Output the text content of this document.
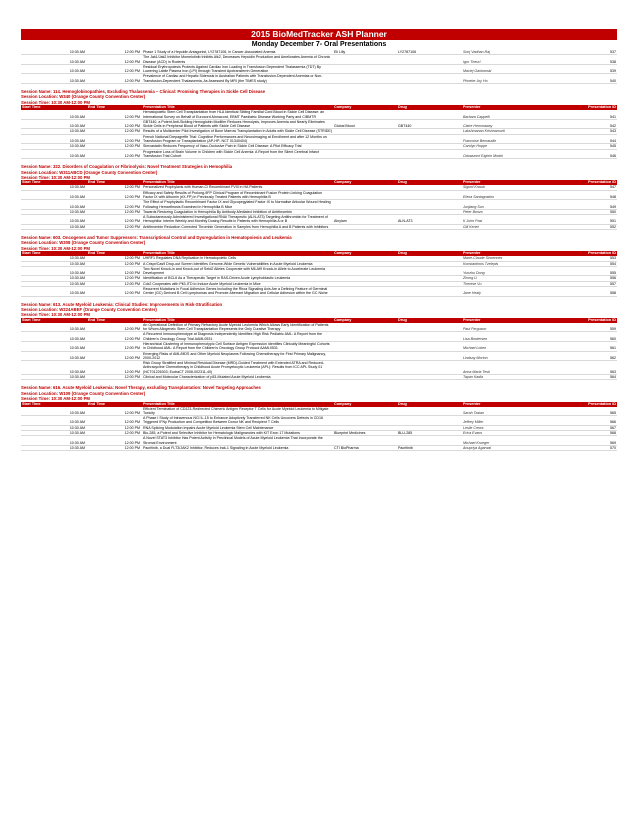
2015 BioMedTracker ASH Planner
Monday December 7- Oral Presentations
10:30 AM	12:00 PM	Phase 1 Study of a Hepcidin Antagonist, LY2787106, in Cancer-Associated Anemia	Eli Lilly	LY2787106	Sonj Vadhan-Raj	537
10:30 AM	12:00 PM	The Jak1/Jak2 Inhibitor Momelotinib Inhibits Alk2, Decreases Hepcidin Production and Ameliorates Anemia of Chronic Disease (ACD) in Rodents			Igor Theurl	538
10:30 AM	12:00 PM	Residual Erythropoiesis Protects Against Cardiac Iron Loading in Transfusion Dependent Thalassemia (TDT) By Lowering Labile Plasma Iron (LPI) through Transient Apotransferrin Generation			Maciej Garbowski	539
10:30 AM	12:00 PM	Prevalence of Cardiac and Hepatic Siderosis in Australian Patients with Transfusion-Dependent Anemias or Non-Transfusion-Dependent Thalassemia, As Assessed By MRI (the TIMES study)			Phoebe Joy Ho	540
Session Name: 114. Hemoglobinopathies, Excluding Thalassemia – Clinical: Promising Therapies in Sickle Cell Disease
Session Location: W340 (Orange County Convention Center)
Session Time: 10:30 AM-12:00 PM
Start Time	End Time	Presentation Title	Company	Drug	Presenter	Presentation ID
10:30 AM	12:00 PM	Hematopoietic Stem Cell Transplantation from HLA Identical Sibling Familial Cord Blood in Sickle Cell Disease: an International Survey on Behalf of Eurocord-Monacord, EBMT Paediatric Disease Working Party and CIBMTR			Barbara Cappelli	541
10:30 AM	12:00 PM	GBT440, a Potent Anti-Sickling Hemoglobin Modifier Reduces Hemolysis, Improves Anemia and Nearly Eliminates Sickle Cells in Peripheral Blood of Patients with Sickle Cell Disease	Global Blood	GBT440	Claire Hemmaway	542
10:30 AM	12:00 PM	Results of a Multicenter Pilot Investigation of Bone Marrow Transplantation in Adults with Sickle Cell Disease (STRIDE)			Lakshmanan Krishnamurti	543
10:30 AM	12:00 PM	French National Drepagreffe Trial: Cognitive Performances and Neuroimaging at Enrollment and after 12 Months on Transfusion Program or Transplantation (AP-HP- NCT 01340404)			Francoise Bernaudin	544
10:30 AM	12:00 PM	Simvastatin Reduces Frequency of Vaso-Occlusive Pain in Sickle Cell Disease: A Pilot Efficacy Trial			Carolyn Hoppe	545
10:30 AM	12:00 PM	Progressive Loss of Brain Volume in Children with Sickle Cell Anemia: A Report from the Silent Cerebral Infarct Transfusion Trial Cohort			Oduwunmi Eighim Modni	546
Session Name: 322. Disorders of Coagulation or Fibrinolysis: Novel Treatment Strategies in Hemophilia
Session Location: W311ABCD (Orange County Convention Center)
Session Time: 10:30 AM-12:00 PM
Start Time	End Time	Presentation Title	Company	Drug	Presenter	Presentation ID
10:30 AM	12:00 PM	Personalized Prophylaxis with Human-Cl Recombinant FVIII in HA Patients			Sigurd Knaub	547
10:30 AM	12:00 PM	Efficacy and Safety Results of Prolong-9FP Clinical Program of Recombinant Fusion Protein Linking Coagulation Factor IX with Albumin (rIX-FP) in Previously Treated Patients with Hemophilia B			Elena Santagostino	548
10:30 AM	12:00 PM	The Effect of Prophylactic Recombinant Factor IX and Glycopegylated Factor IX to Normalise Articular Wound Healing Following Hemarthrosis Examined in Hemophilia B Mice			Junjiang Sun	549
10:30 AM	12:00 PM	Towards Restoring Coagulation in Hemophilia By Antibody-Mediated Inhibition of Antithrombin			Peter Bonzo	550
10:30 AM	12:00 PM	A Subcutaneously Administered Investigational RNAi Therapeutic (ALN-AT3) Targeting Antithrombin for Treatment of Hemophilia: Interim Weekly and Monthly Dosing Results in Patients with Hemophilia A or B	Alnylam	ALN-AT3	K John Pasi	551
10:30 AM	12:00 PM	Antithrombin Reduction Corrected Thrombin Generation in Samples from Hemophilia A and B Patients with Inhibitors			Gili Kenet	552
Session Name: 603. Oncogenes and Tumor Suppressors: Transcriptional Control and Dysregulation in Hematopoiesis and Leukemia
Session Location: W308 (Orange County Convention Center)
Session Time: 10:30 AM-12:00 PM
Start Time	End Time	Presentation Title	Company	Drug	Presenter	Presentation ID
10:30 AM	12:00 PM	UHRF1 Regulates DNA Replication in Hematopoietic Cells			Marie-Claude Sincennes	553
10:30 AM	12:00 PM	A Crispr/Cas9 Drop-out Screen Identifies Genome-Wide Genetic Vulnerabilities in Acute Myeloid Leukemia			Konstantinos Tzelepis	554
10:30 AM	12:00 PM	Two Novel Knock-in and Knock-out of Setd2 Alleles Cooperate with Mll-Af9 Knock-in Allele to Accelerate Leukemia Development			Yunzhu Dong	555
10:30 AM	12:00 PM	Identification of BCL6 As a Therapeutic Target in RAS-Driven Acute Lymphoblastic Leukemia			Zhong Li	556
10:30 AM	12:00 PM	Cdx2 Cooperates with Pit3-ITD to Induce Acute Myeloid Leukemia in Mice			Therese Vu	557
10:30 AM	12:00 PM	Recurrent Mutations in Focal Adhesion Genes Including the Rhoa Signaling Axis Are a Defining Feature of Germinal Center (GC) Derived B Cell Lymphomas and Promote Aberrant Migration and Cellular Adhesion within the GC Niche			Jane Healy	558
Session Name: 613. Acute Myeloid Leukemia: Clinical Studies: Improvements in Risk-Stratification
Session Location: W224ABEF (Orange County Convention Center)
Session Time: 10:30 AM-12:00 PM
Start Time	End Time	Presentation Title	Company	Drug	Presenter	Presentation ID
10:30 AM	12:00 PM	An Operational Definition of Primary Refractory Acute Myeloid Leukemia Which Allows Early Identification of Patients for Whom Allogeneic Stem Cell Transplantation Represents the Only Curative Therapy			Paul Ferguson	559
10:30 AM	12:00 PM	A Recurrent Immunophenotype at Diagnosis Independently Identifies High Risk Pediatric AML: A Report from the Children's Oncology Group Trial AAML0531			Lisa Brodersen	560
10:30 AM	12:00 PM	Hierarchical Clustering of Immunophenotypic Cell Surface Antigen Expression Identifies Clinically Meaningful Cohorts in Childhood AML: A Report from the Children's Oncology Group Protocol AAML0531			Michael Loken	561
10:30 AM	12:00 PM	Emerging Risks of AML/MDS and Other Myeloid Neoplasms Following Chemotherapy for First Primary Malignancy, 2000-2012			Lindsay Morton	562
10:30 AM	12:00 PM	Risk Group Stratified and Minimal Residual Disease (MRD)-Guided Treatment with Extended ATRA and Reduced-Anthracycline Chemotherapy in Childhood Acute Promyelocytic Leukemia (APL): Results from ICC APL Study 01 (NCT01226303; EudraCT 2008-002311-40)			Anna Maria Testi	563
10:30 AM	12:00 PM	Clinical and Molecular Characterization of p53-Mutated Acute Myeloid Leukemia			Tapan Kadia	564
Session Name: 616. Acute Myeloid Leukemia: Novel Therapy, excluding Transplantation: Novel Targeting Approaches
Session Location: W109 (Orange County Convention Center)
Session Time: 10:30 AM-12:00 PM
Start Time	End Time	Presentation Title	Company	Drug	Presenter	Presentation ID
10:30 AM	12:00 PM	Efficient Termination of CD123-Redirected Chimeric Antigen Receptor T Cells for Acute Myeloid Leukemia to Mitigate Toxicity			Sarah Tasian	565
10:30 AM	12:00 PM	A Phase I Study of Intravenous NCI IL-15 to Enhance Adoptively Transferred NK Cells Uncovers Defects in CD16 Triggered IFNy Production and Competition Between Donor NK and Recipient T Cells			Jeffrey Miller	566
10:30 AM	12:00 PM	RNA Splicing Modulation Impairs Acute Myeloid Leukemia Stem Cell Maintenance			Leslie Crews	567
10:30 AM	12:00 PM	Blu-285, a Potent and Selective Inhibitor for Hematologic Malignancies with KIT Exon 17 Mutations	Blueprint Medicines	BLU-285	Erica Evans	568
10:30 AM	12:00 PM	A Novel STAT3 Inhibitor Has Potent Activity in Preclinical Models of Acute Myeloid Leukemia That Incorporate the Stromal Environment			Michael Krueger	569
10:30 AM	12:00 PM	Pacritinib, a Dual FLT3/JAK2 Inhibitor, Reduces Irak-1 Signaling in Acute Myeloid Leukemia	CTI BioPharma	Pacritinib	Anupriya Agarwal	570
